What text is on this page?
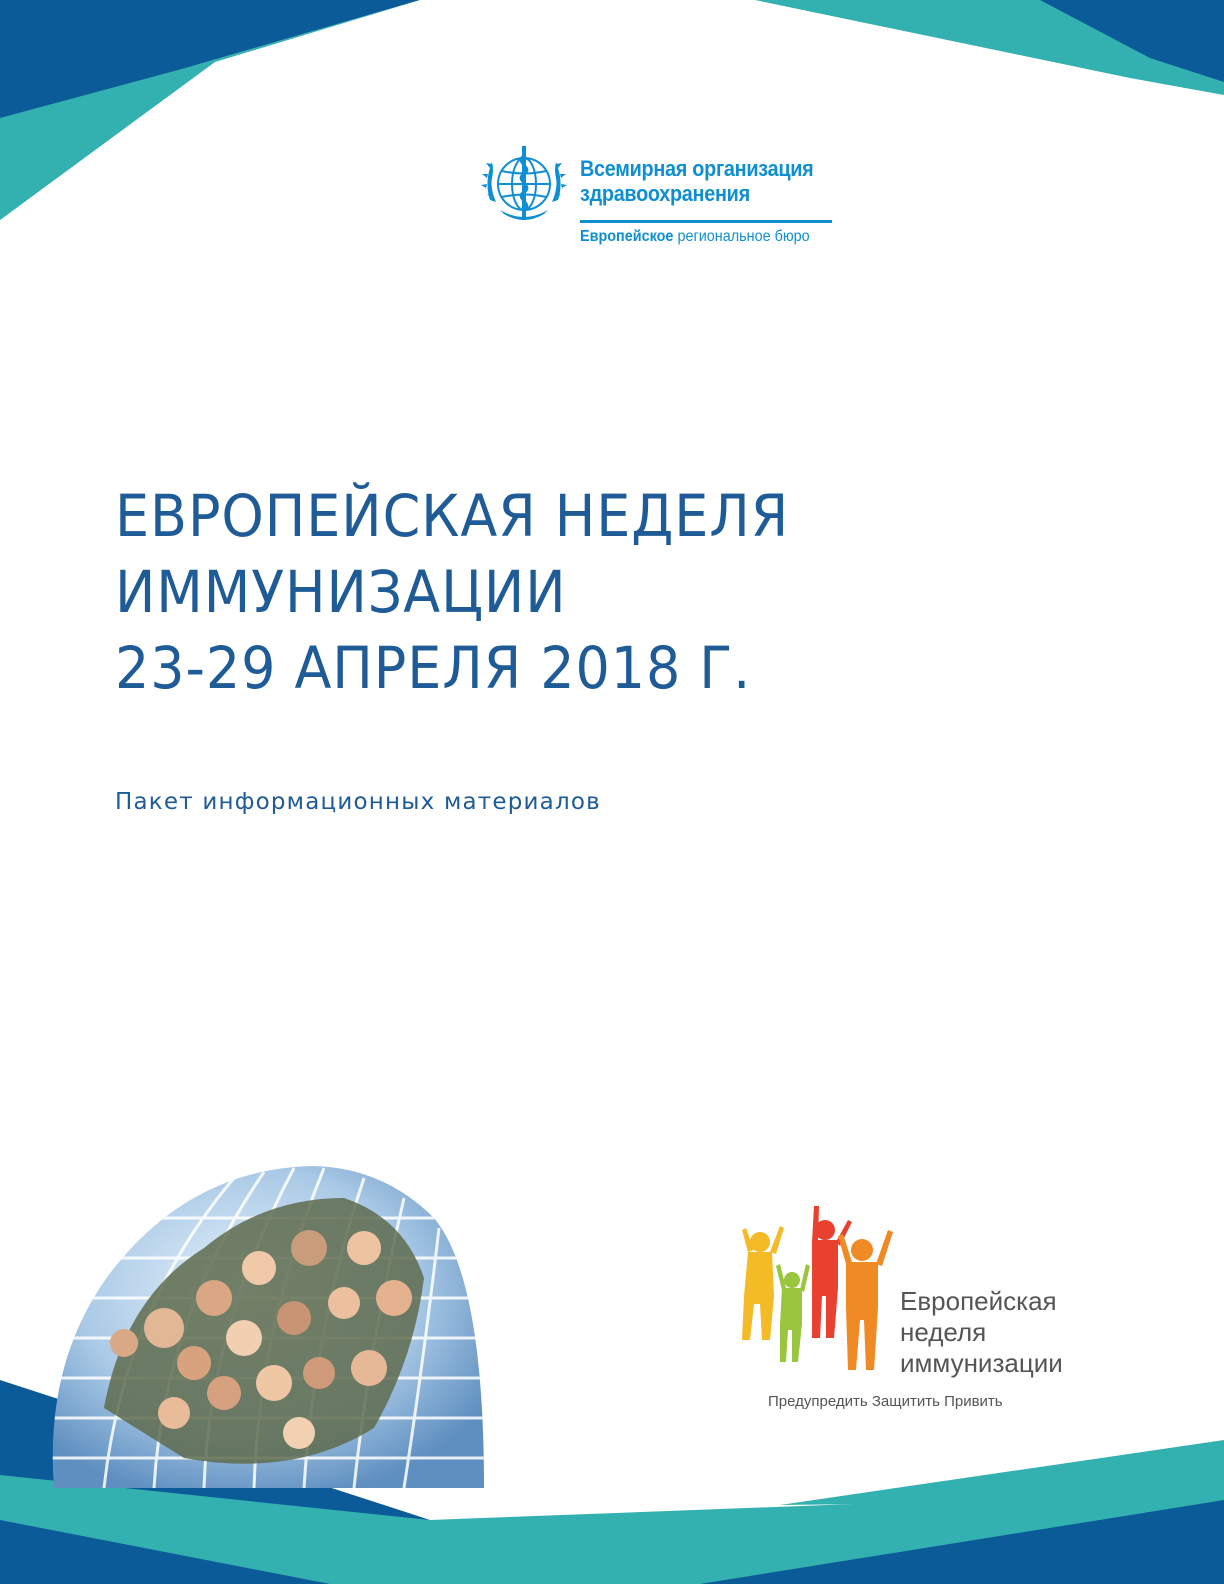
Всемирная организация
здравоохранения
Европейское региональное бюро
ЕВРОПЕЙСКАЯ НЕДЕЛЯ
ИММУНИЗАЦИИ
23-29 АПРЕЛЯ 2018 Г.
Пакет информационных материалов
Европейская
неделя
иммунизации
Предупредить Защитить Привить
